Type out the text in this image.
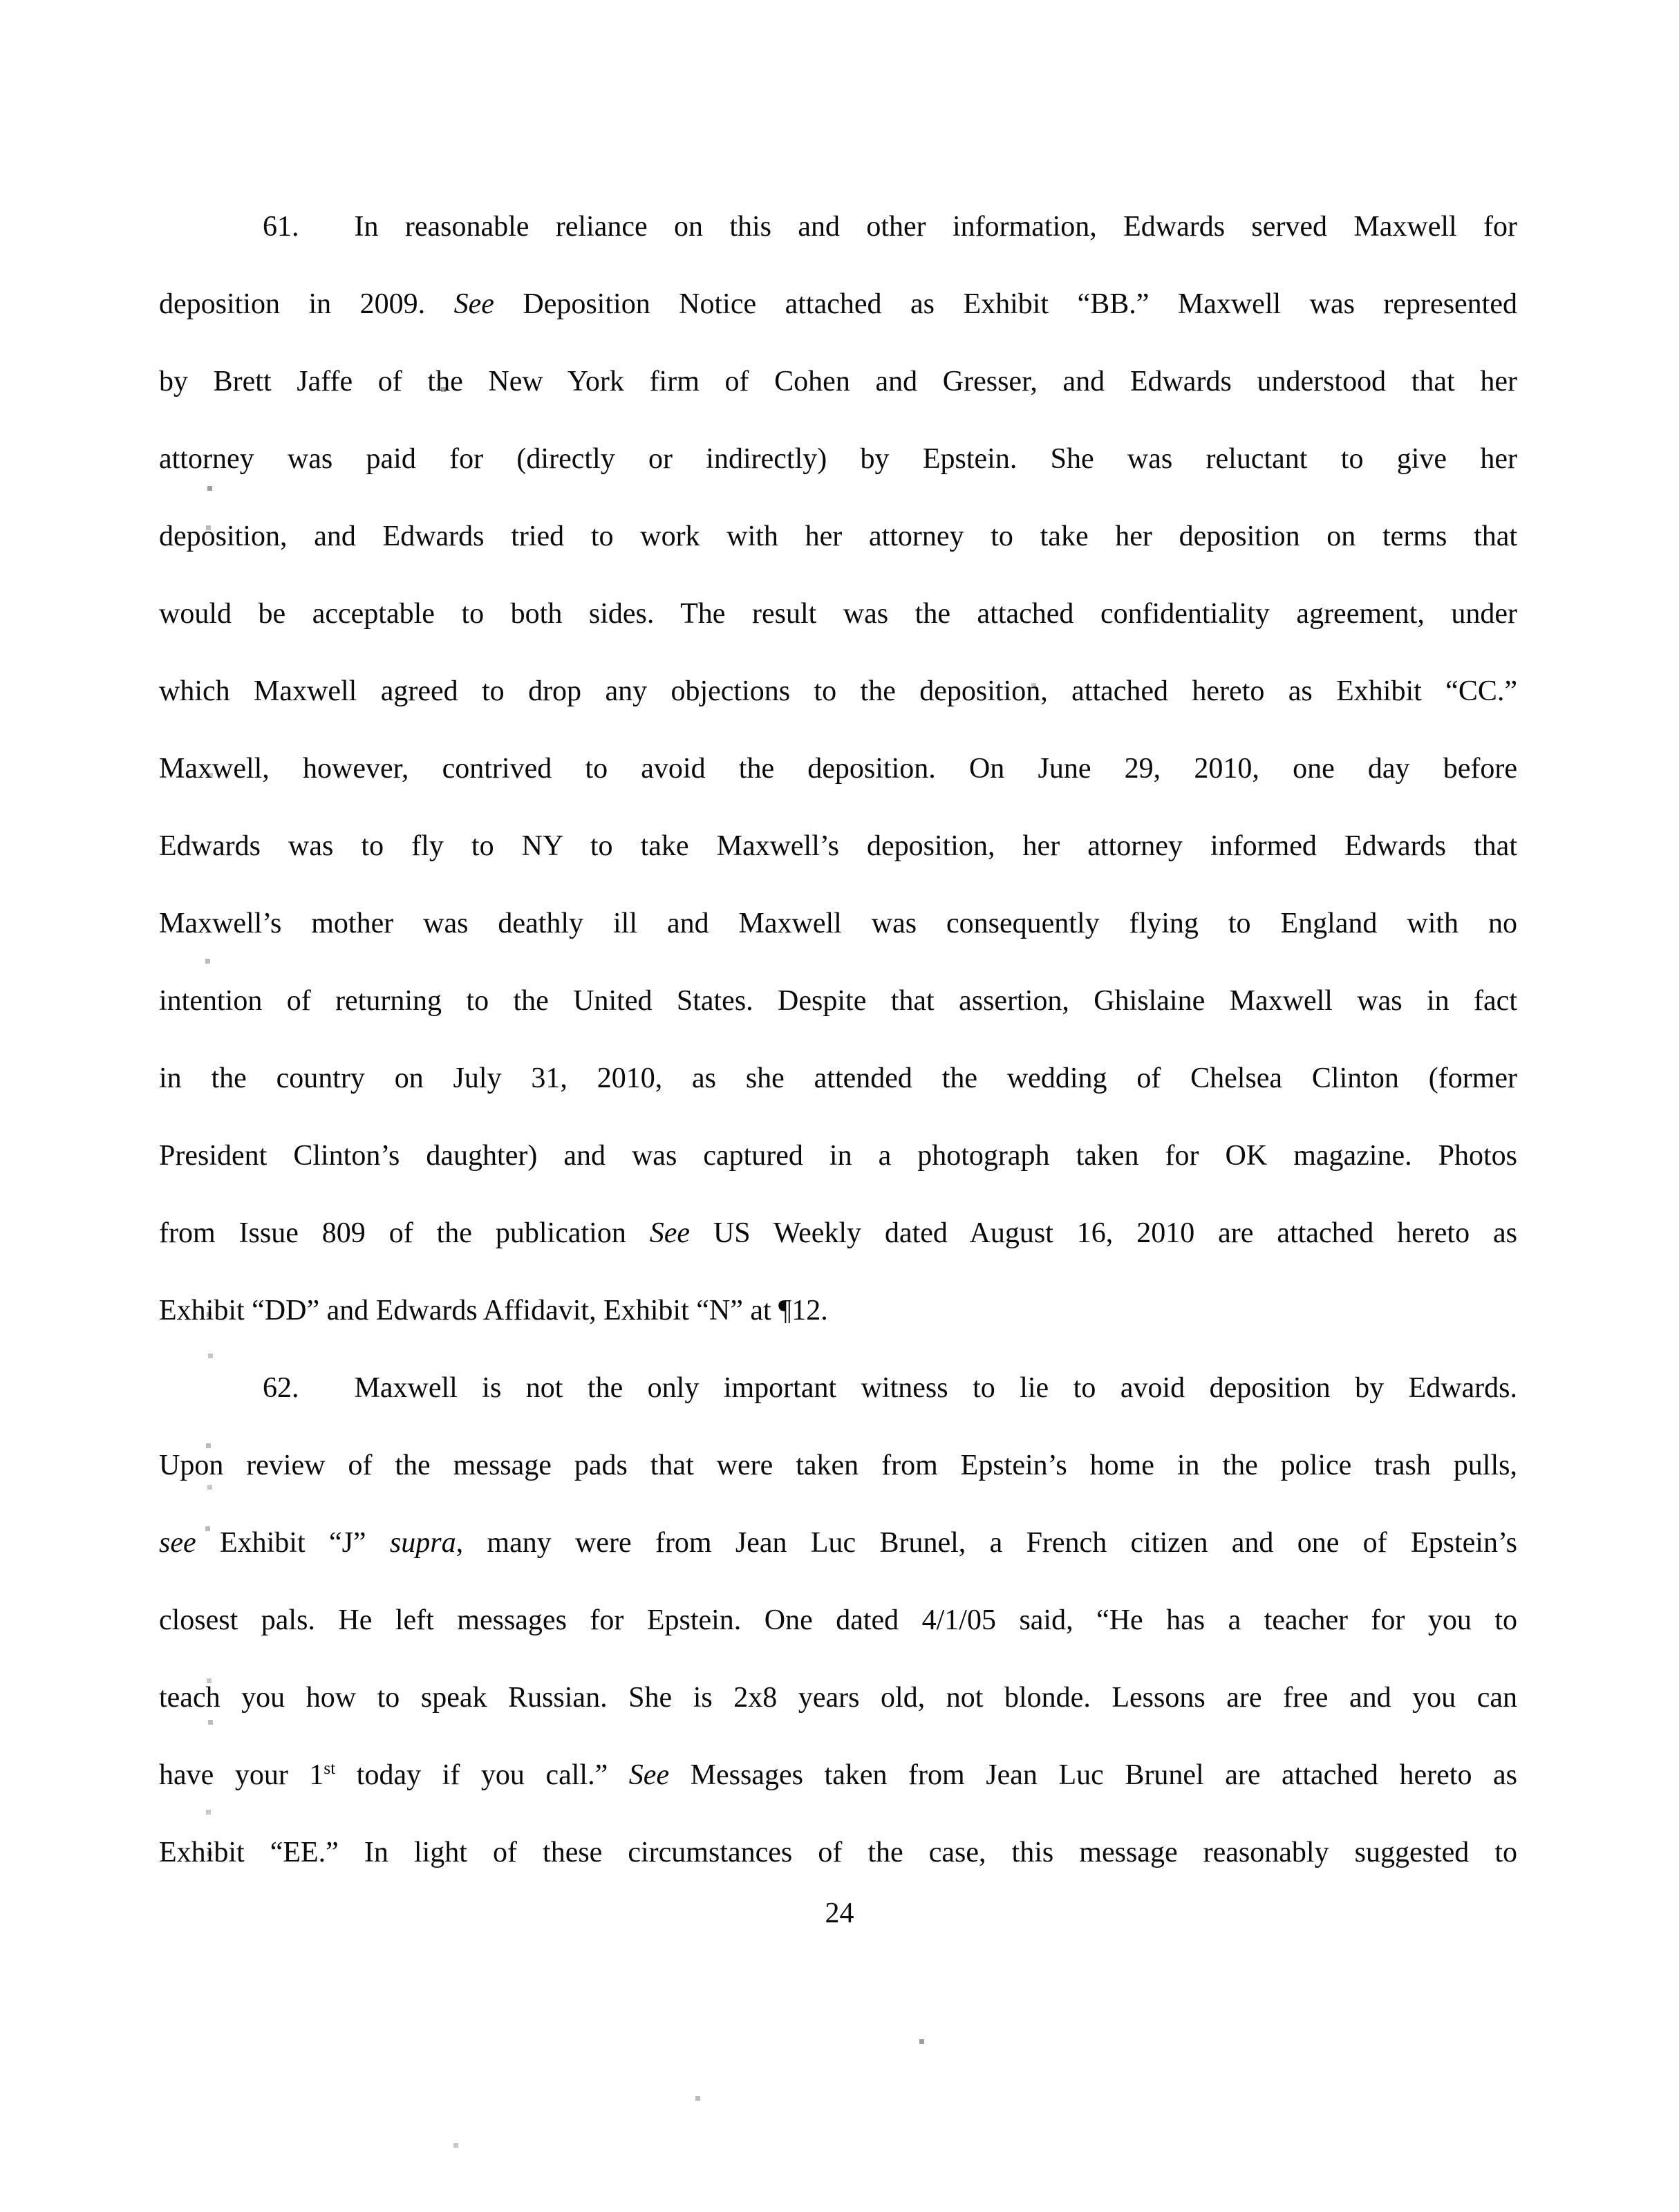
61. In reasonable reliance on this and other information, Edwards served Maxwell for
deposition in 2009. See Deposition Notice attached as Exhibit “BB.” Maxwell was represented
by Brett Jaffe of the New York firm of Cohen and Gresser, and Edwards understood that her
attorney was paid for (directly or indirectly) by Epstein. She was reluctant to give her
deposition, and Edwards tried to work with her attorney to take her deposition on terms that
would be acceptable to both sides. The result was the attached confidentiality agreement, under
which Maxwell agreed to drop any objections to the deposition, attached hereto as Exhibit “CC.”
Maxwell, however, contrived to avoid the deposition. On June 29, 2010, one day before
Edwards was to fly to NY to take Maxwell’s deposition, her attorney informed Edwards that
Maxwell’s mother was deathly ill and Maxwell was consequently flying to England with no
intention of returning to the United States. Despite that assertion, Ghislaine Maxwell was in fact
in the country on July 31, 2010, as she attended the wedding of Chelsea Clinton (former
President Clinton’s daughter) and was captured in a photograph taken for OK magazine. Photos
from Issue 809 of the publication See US Weekly dated August 16, 2010 are attached hereto as
Exhibit “DD” and Edwards Affidavit, Exhibit “N” at ¶12.
62. Maxwell is not the only important witness to lie to avoid deposition by Edwards.
Upon review of the message pads that were taken from Epstein’s home in the police trash pulls,
see Exhibit “J” supra, many were from Jean Luc Brunel, a French citizen and one of Epstein’s
closest pals. He left messages for Epstein. One dated 4/1/05 said, “He has a teacher for you to
teach you how to speak Russian. She is 2x8 years old, not blonde. Lessons are free and you can
have your 1st today if you call.” See Messages taken from Jean Luc Brunel are attached hereto as
Exhibit “EE.” In light of these circumstances of the case, this message reasonably suggested to
24
